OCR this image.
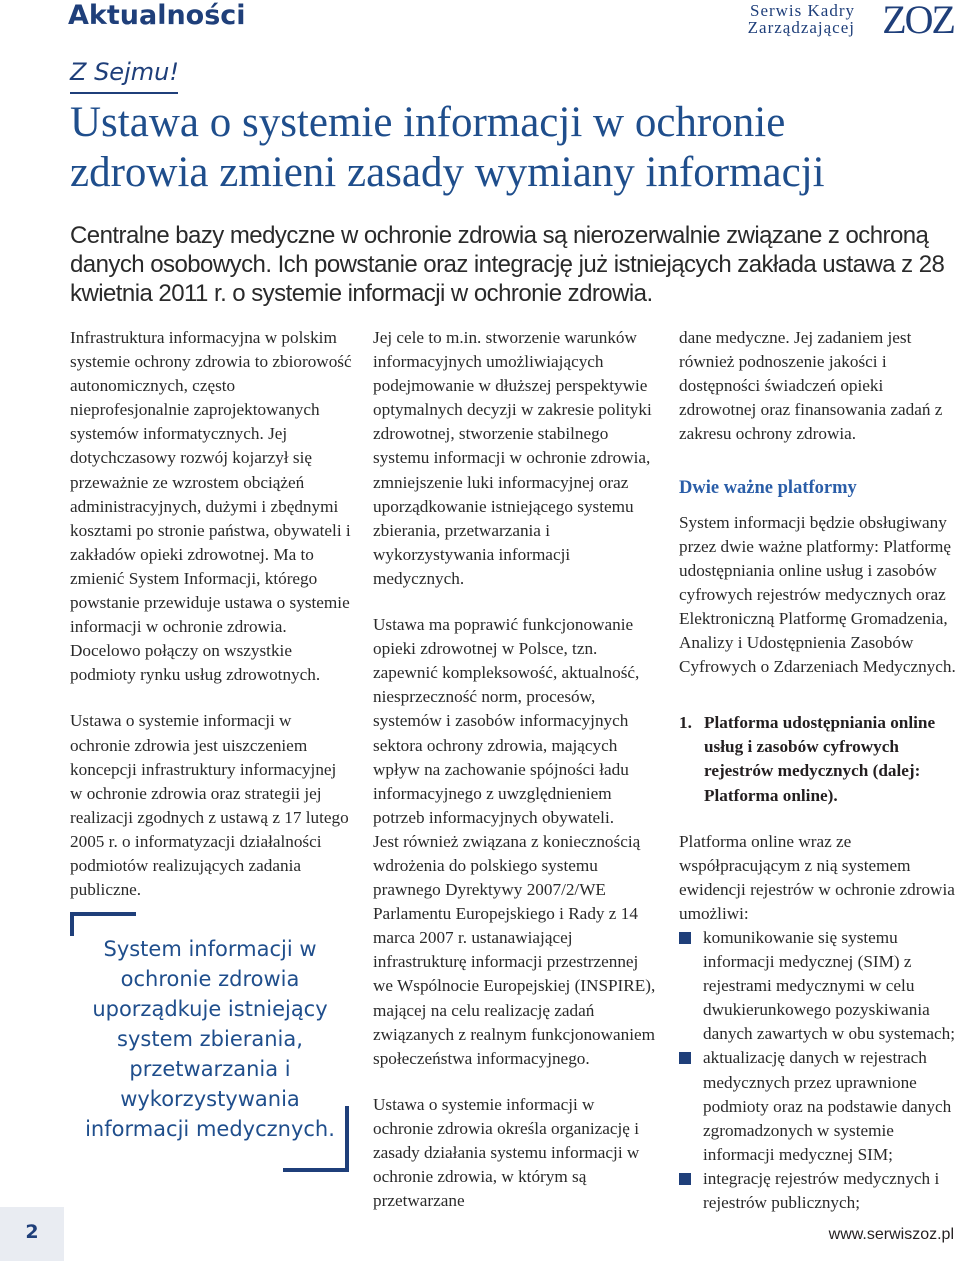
Aktualności	Serwis Kadry
Zarządzającej ZOZ
Z Sejmu!
Ustawa o systemie informacji w ochronie zdrowia zmieni zasady wymiany informacji
Centralne bazy medyczne w ochronie zdrowia są nierozerwalnie związane z ochroną danych osobowych. Ich powstanie oraz integrację już istniejących zakłada ustawa z 28 kwietnia 2011 r. o systemie informacji w ochronie zdrowia.

Infrastruktura informacyjna w polskim systemie ochrony zdrowia to zbiorowość autonomicznych, często nieprofesjonalnie zaprojektowanych systemów informatycznych. Jej dotychczasowy rozwój kojarzył się przeważnie ze wzrostem obciążeń administracyjnych, dużymi i zbędnymi kosztami po stronie państwa, obywateli i zakładów opieki zdrowotnej. Ma to zmienić System Informacji, którego powstanie przewiduje ustawa o systemie informacji w ochronie zdrowia. Docelowo połączy on wszystkie podmioty rynku usług zdrowotnych.

Ustawa o systemie informacji w ochronie zdrowia jest uiszczeniem koncepcji infrastruktury informacyjnej w ochronie zdrowia oraz strategii jej realizacji zgodnych z ustawą z 17 lutego 2005 r. o informatyzacji działalności podmiotów realizujących zadania publiczne.

System informacji w ochronie zdrowia uporządkuje istniejący system zbierania, przetwarzania i wykorzystywania informacji medycznych.

Jej cele to m.in. stworzenie warunków informacyjnych umożliwiających podejmowanie w dłuższej perspektywie optymalnych decyzji w zakresie polityki zdrowotnej, stworzenie stabilnego systemu informacji w ochronie zdrowia, zmniejszenie luki informacyjnej oraz uporządkowanie istniejącego systemu zbierania, przetwarzania i wykorzystywania informacji medycznych.

Ustawa ma poprawić funkcjonowanie opieki zdrowotnej w Polsce, tzn. zapewnić kompleksowość, aktualność, niesprzeczność norm, procesów, systemów i zasobów informacyjnych sektora ochrony zdrowia, mających wpływ na zachowanie spójności ładu informacyjnego z uwzględnieniem potrzeb informacyjnych obywateli.

Jest również związana z koniecznością wdrożenia do polskiego systemu prawnego Dyrektywy 2007/2/WE Parlamentu Europejskiego i Rady z 14 marca 2007 r. ustanawiającej infrastrukturę informacji przestrzennej we Wspólnocie Europejskiej (INSPIRE), mającej na celu realizację zadań związanych z realnym funkcjonowaniem społeczeństwa informacyjnego.

Ustawa o systemie informacji w ochronie zdrowia określa organizację i zasady działania systemu informacji w ochronie zdrowia, w którym są przetwarzane

dane medyczne. Jej zadaniem jest również podnoszenie jakości i dostępności świadczeń opieki zdrowotnej oraz finansowania zadań z zakresu ochrony zdrowia.

Dwie ważne platformy

System informacji będzie obsługiwany przez dwie ważne platformy: Platformę udostępniania online usług i zasobów cyfrowych rejestrów medycznych oraz Elektroniczną Platformę Gromadzenia, Analizy i Udostępnienia Zasobów Cyfrowych o Zdarzeniach Medycznych.

1. Platforma udostępniania online usług i zasobów cyfrowych rejestrów medycznych (dalej: Platforma online).

Platforma online wraz ze współpracującym z nią systemem ewidencji rejestrów w ochronie zdrowia umożliwi:

komunikowanie się systemu informacji medycznej (SIM) z rejestrami medycznymi w celu dwukierunkowego pozyskiwania danych zawartych w obu systemach;
aktualizację danych w rejestrach medycznych przez uprawnione podmioty oraz na podstawie danych zgromadzonych w systemie informacji medycznej SIM;
integrację rejestrów medycznych i rejestrów publicznych;
2	www.serwiszoz.pl
